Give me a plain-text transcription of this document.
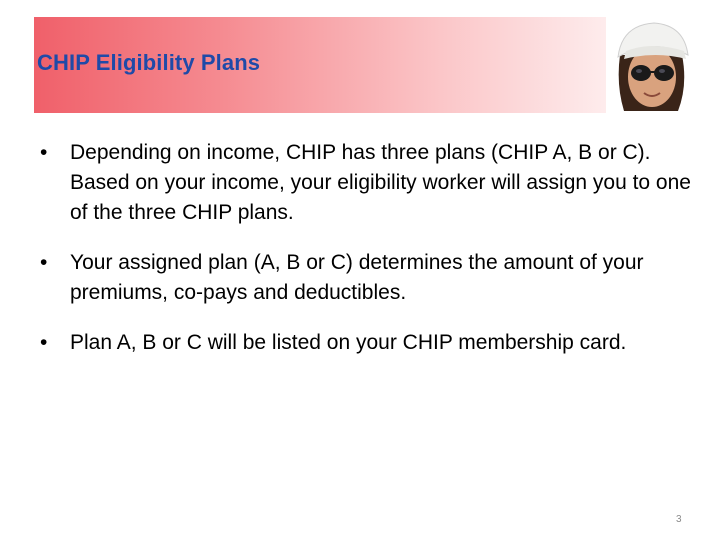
CHIP Eligibility Plans
• Depending on income, CHIP has three plans (CHIP A, B or C). Based on your income, your eligibility worker will assign you to one of the three CHIP plans.
• Your assigned plan (A, B or C) determines the amount of your premiums, co-pays and deductibles.
• Plan A, B or C will be listed on your CHIP membership card.
3
